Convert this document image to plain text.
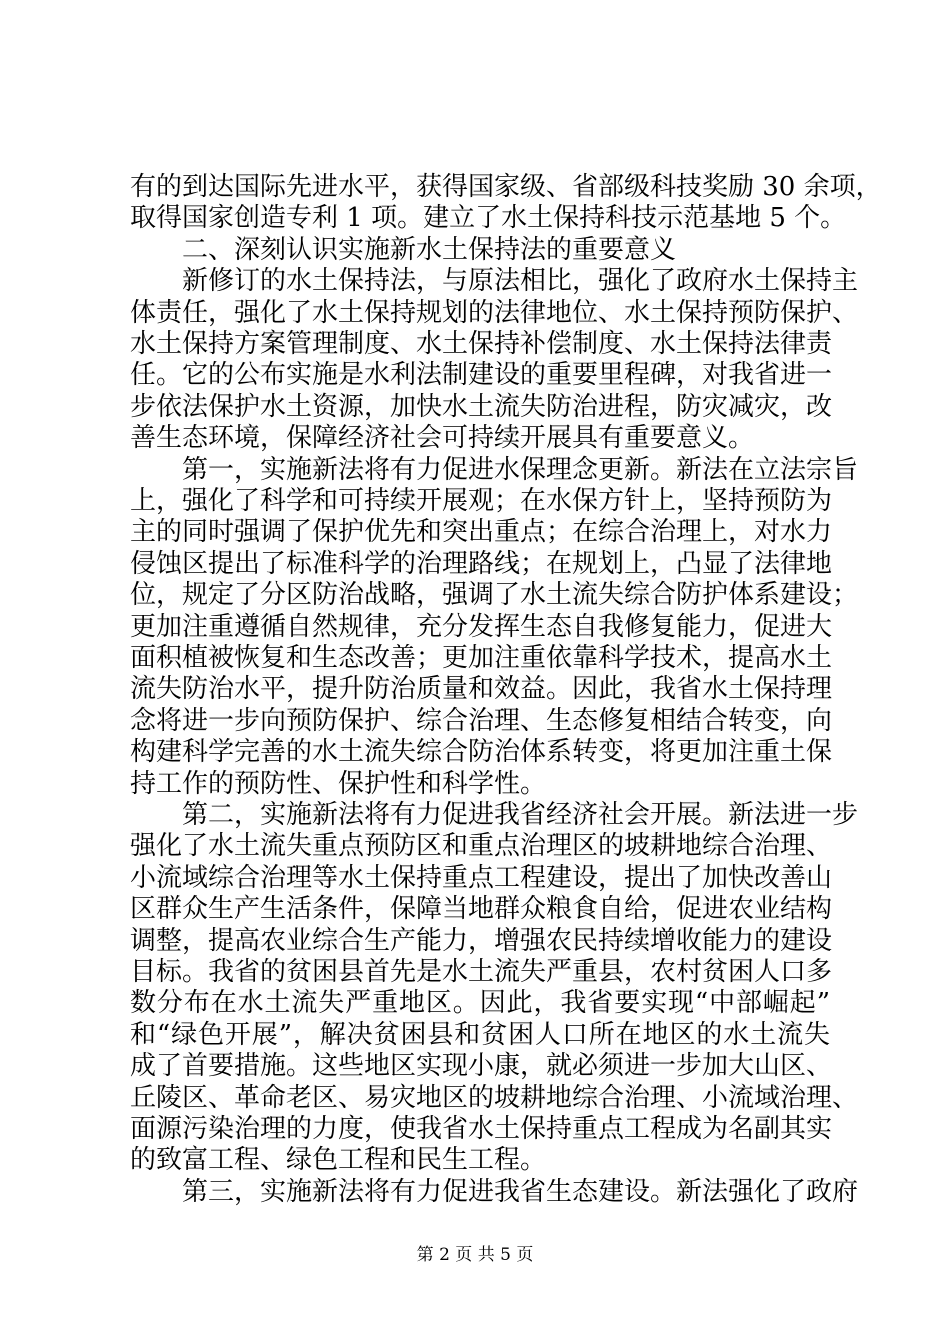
有的到达国际先进水平，获得国家级、省部级科技奖励 30 余项，
取得国家创造专利 1 项。建立了水土保持科技示范基地 5 个。
二、深刻认识实施新水土保持法的重要意义
新修订的水土保持法，与原法相比，强化了政府水土保持主
体责任，强化了水土保持规划的法律地位、水土保持预防保护、
水土保持方案管理制度、水土保持补偿制度、水土保持法律责
任。它的公布实施是水利法制建设的重要里程碑，对我省进一
步依法保护水土资源，加快水土流失防治进程，防灾减灾，改
善生态环境，保障经济社会可持续开展具有重要意义。
第一，实施新法将有力促进水保理念更新。新法在立法宗旨
上，强化了科学和可持续开展观；在水保方针上，坚持预防为
主的同时强调了保护优先和突出重点；在综合治理上，对水力
侵蚀区提出了标准科学的治理路线；在规划上，凸显了法律地
位，规定了分区防治战略，强调了水土流失综合防护体系建设；
更加注重遵循自然规律，充分发挥生态自我修复能力，促进大
面积植被恢复和生态改善；更加注重依靠科学技术，提高水土
流失防治水平，提升防治质量和效益。因此，我省水土保持理
念将进一步向预防保护、综合治理、生态修复相结合转变，向
构建科学完善的水土流失综合防治体系转变，将更加注重土保
持工作的预防性、保护性和科学性。
第二，实施新法将有力促进我省经济社会开展。新法进一步
强化了水土流失重点预防区和重点治理区的坡耕地综合治理、
小流域综合治理等水土保持重点工程建设，提出了加快改善山
区群众生产生活条件，保障当地群众粮食自给，促进农业结构
调整，提高农业综合生产能力，增强农民持续增收能力的建设
目标。我省的贫困县首先是水土流失严重县，农村贫困人口多
数分布在水土流失严重地区。因此，我省要实现“中部崛起”
和“绿色开展”，解决贫困县和贫困人口所在地区的水土流失
成了首要措施。这些地区实现小康，就必须进一步加大山区、
丘陵区、革命老区、易灾地区的坡耕地综合治理、小流域治理、
面源污染治理的力度，使我省水土保持重点工程成为名副其实
的致富工程、绿色工程和民生工程。
第三，实施新法将有力促进我省生态建设。新法强化了政府
第 2 页 共 5 页
